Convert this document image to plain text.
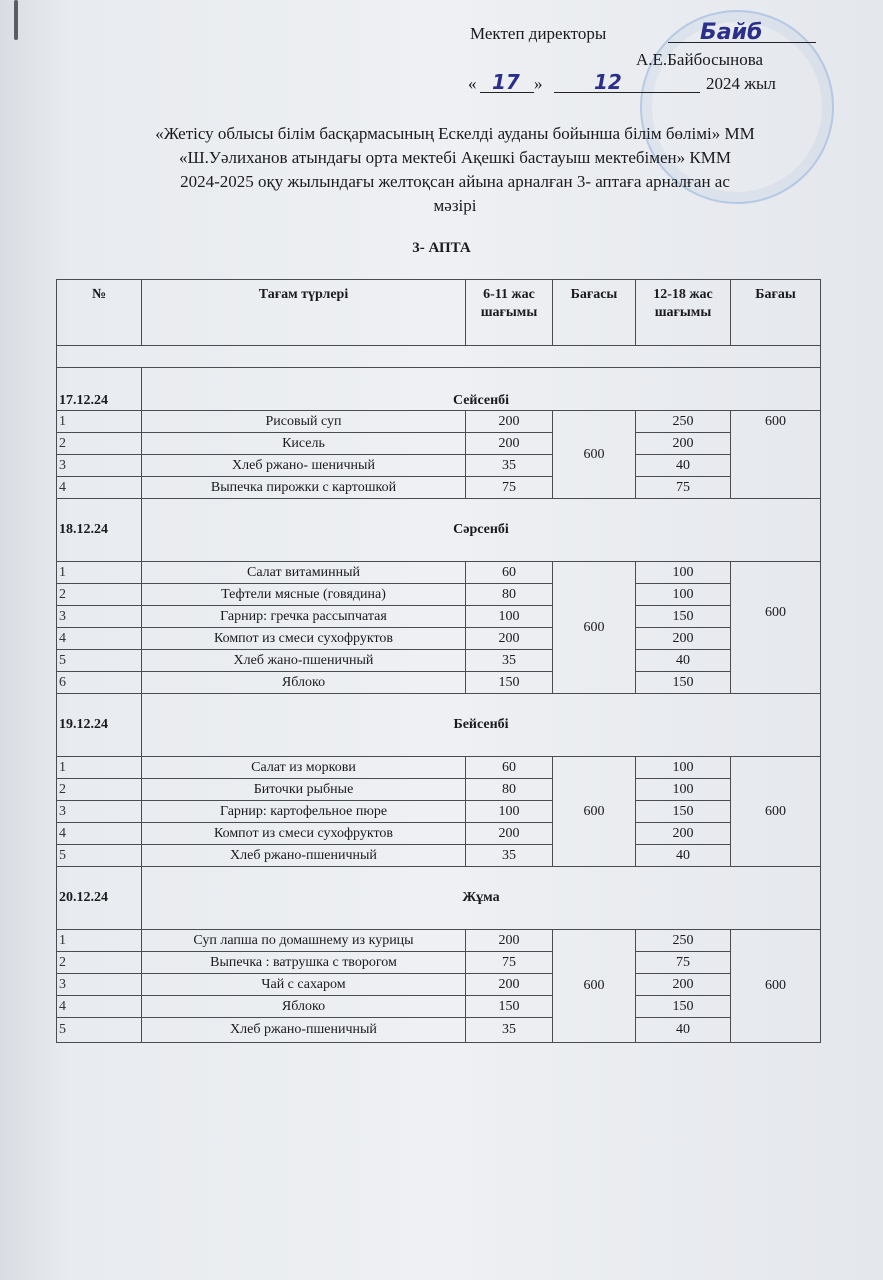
Мектеп директоры	Байб
А.Е.Байбосынова
« 17 »	12	2024 жыл
«Жетісу облысы білім басқармасының Ескелді ауданы бойынша білім бөлімі» ММ
«Ш.Уәлиханов атындағы орта мектебі Ақешкі бастауыш мектебімен» КММ
2024-2025 оқу жылындағы желтоқсан айына арналған 3- аптаға арналған ас
мәзірі
3- АПТА
№	Тағам түрлері	6-11 жас шағымы	Бағасы	12-18 жас шағымы	Бағаы

17.12.24	Сейсенбі				
1	Рисовый суп	200	600	250	600
2	Кисель	200		200	
3	Хлеб ржано- шеничный	35		40	
4	Выпечка пирожки с картошкой	75		75	
18.12.24	Сәрсенбі				
1	Салат витаминный	60	600	100	600
2	Тефтели мясные (говядина)	80		100	
3	Гарнир: гречка рассыпчатая	100		150	
4	Компот из смеси сухофруктов	200		200	
5	Хлеб жано-пшеничный	35		40	
6	Яблоко	150		150	
19.12.24	Бейсенбі				
1	Салат из моркови	60	600	100	600
2	Биточки рыбные	80		100	
3	Гарнир: картофельное пюре	100		150	
4	Компот из смеси сухофруктов	200		200	
5	Хлеб ржано-пшеничный	35		40	
20.12.24	Жұма				
1	Суп лапша по домашнему из курицы	200	600	250	600
2	Выпечка : ватрушка с творогом	75		75	
3	Чай с сахаром	200		200	
4	Яблоко	150		150	
5	Хлеб ржано-пшеничный	35		40	
